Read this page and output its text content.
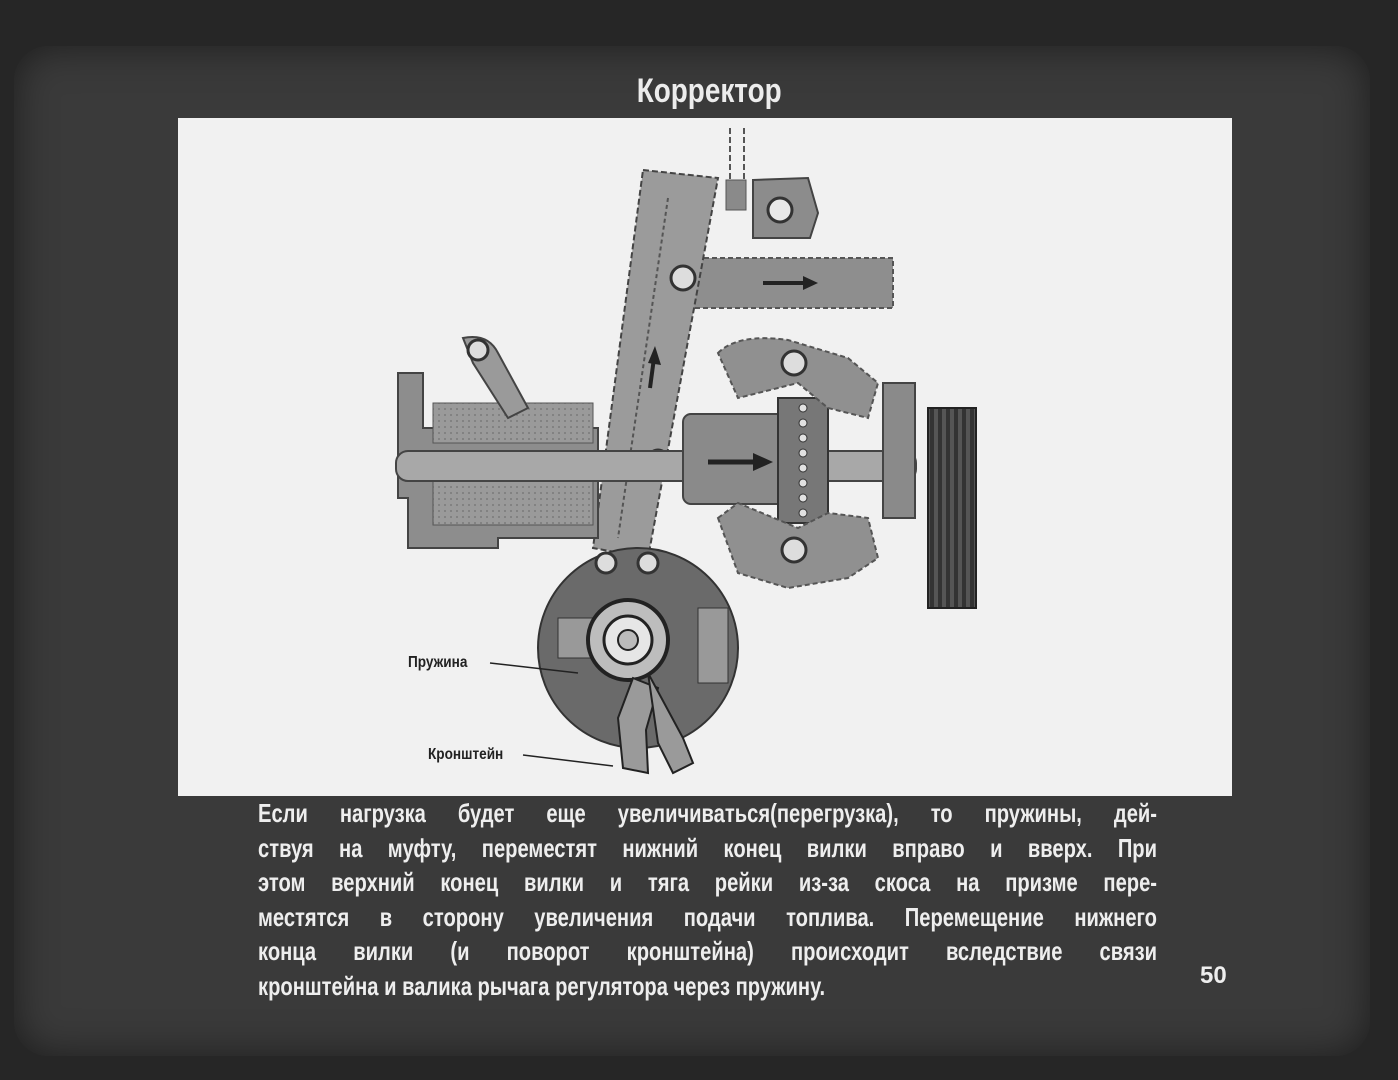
Корректор
Пружина
Кронштейн
Если нагрузка будет еще увеличиваться(перегрузка), то пружины, дей-
ствуя на муфту, переместят нижний конец вилки вправо и вверх. При
этом верхний конец вилки и тяга рейки из-за скоса на призме пере-
местятся в сторону увеличения подачи топлива. Перемещение нижнего
конца вилки (и поворот кронштейна) происходит вследствие связи
кронштейна и валика рычага регулятора через пружину.	50
